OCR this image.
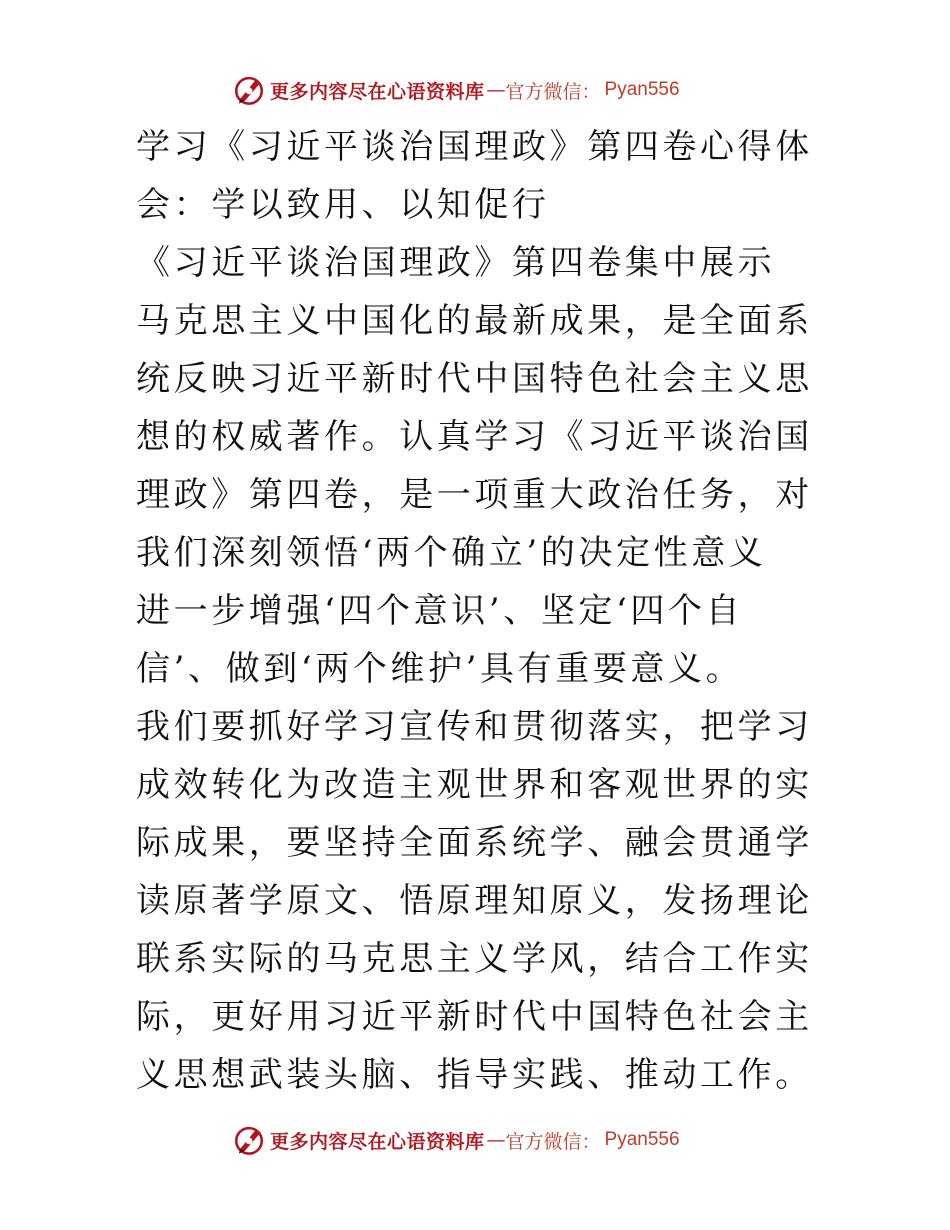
更多内容尽在心语资料库 — 官方微信： Pyan556
学习《习近平谈治国理政》第四卷心得体
会：学以致用、以知促行
《习近平谈治国理政》第四卷集中展示
马克思主义中国化的最新成果，是全面系
统反映习近平新时代中国特色社会主义思
想的权威著作。认真学习《习近平谈治国
理政》第四卷，是一项重大政治任务，对
我们深刻领悟‘两个确立’的决定性意义
进一步增强‘四个意识’、坚定‘四个自
信’、做到‘两个维护’具有重要意义。
我们要抓好学习宣传和贯彻落实，把学习
成效转化为改造主观世界和客观世界的实
际成果，要坚持全面系统学、融会贯通学
读原著学原文、悟原理知原义，发扬理论
联系实际的马克思主义学风，结合工作实
际，更好用习近平新时代中国特色社会主
义思想武装头脑、指导实践、推动工作。
更多内容尽在心语资料库 — 官方微信： Pyan556
